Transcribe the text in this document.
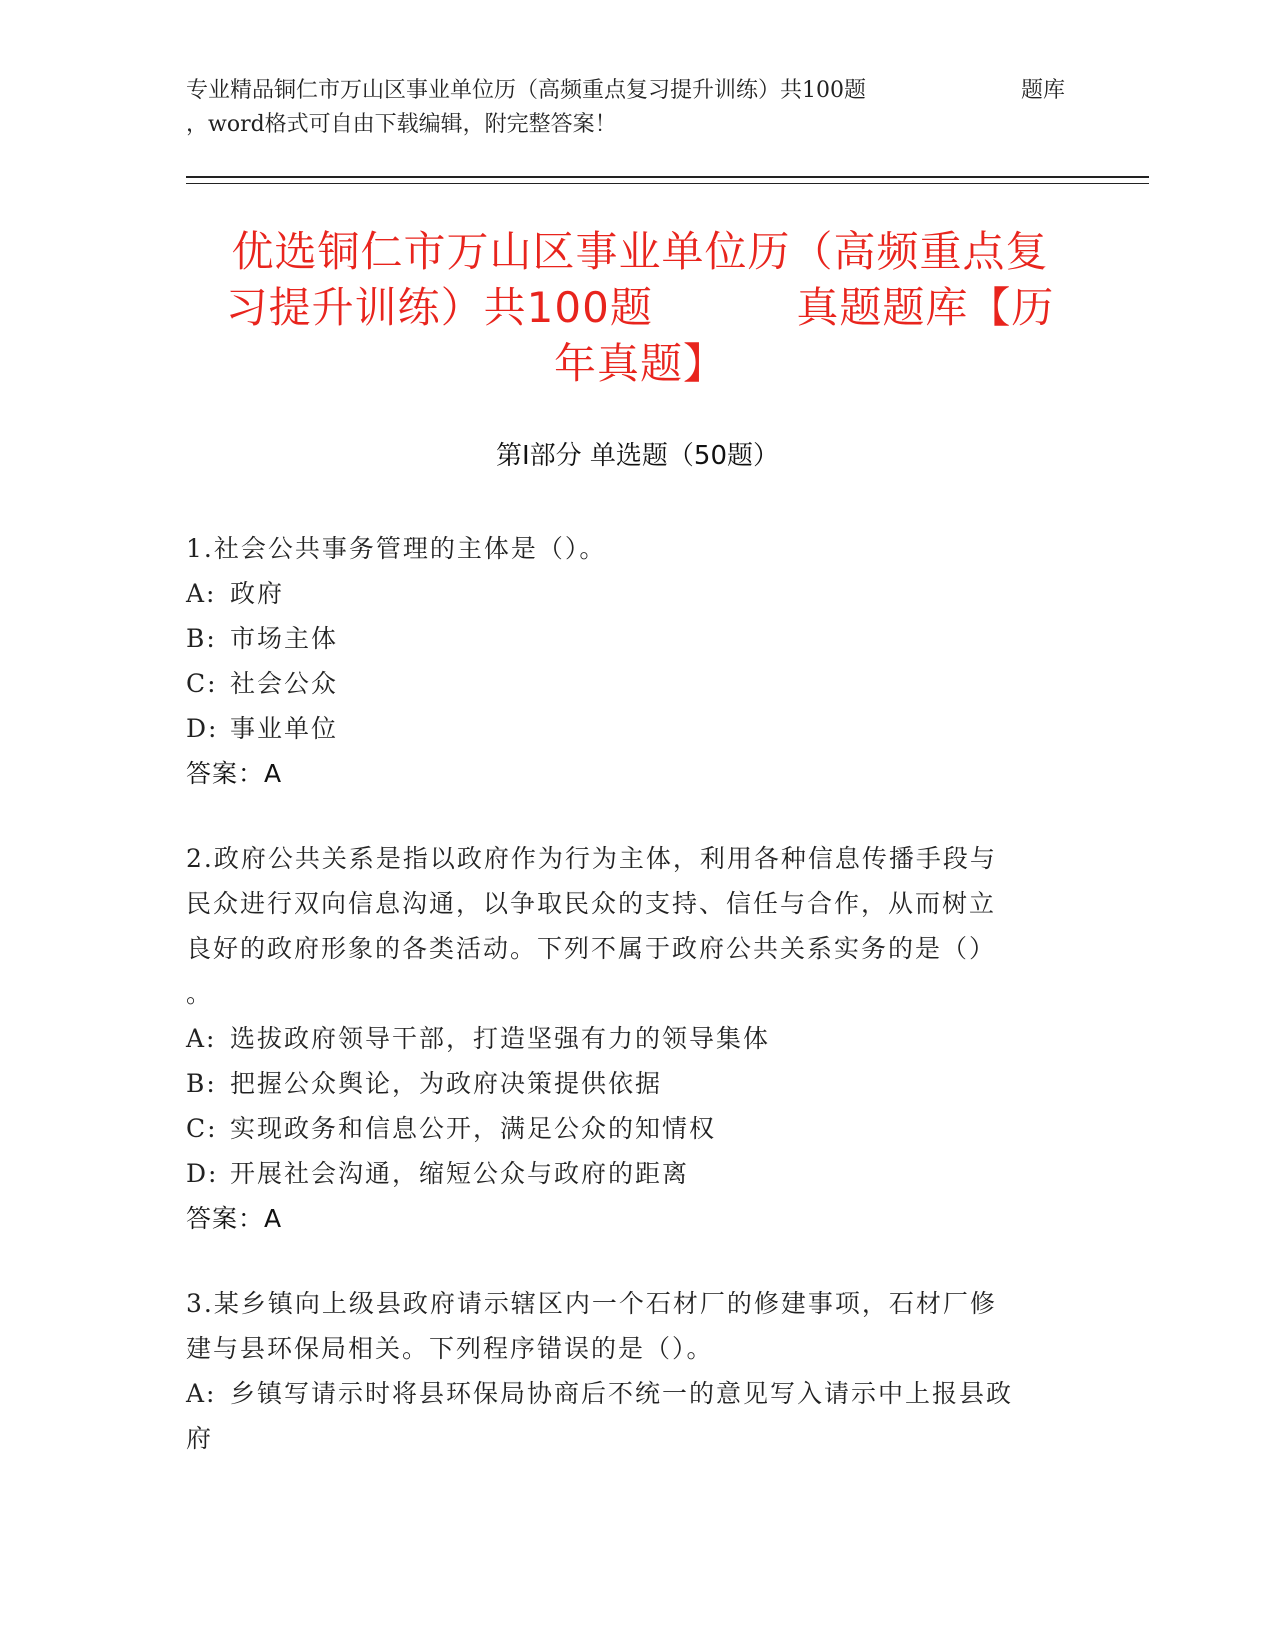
专业精品铜仁市万山区事业单位历（高频重点复习提升训练）共100题	题库
，word格式可自由下载编辑，附完整答案！
优选铜仁市万山区事业单位历（高频重点复
习提升训练）共100题          真题题库【历
年真题】
第Ⅰ部分 单选题（50题）
1.社会公共事务管理的主体是（）。
A: 政府
B: 市场主体
C: 社会公众
D: 事业单位
答案：A
2.政府公共关系是指以政府作为行为主体，利用各种信息传播手段与
民众进行双向信息沟通，以争取民众的支持、信任与合作，从而树立
良好的政府形象的各类活动。下列不属于政府公共关系实务的是（）
。
A: 选拔政府领导干部，打造坚强有力的领导集体
B: 把握公众舆论，为政府决策提供依据
C: 实现政务和信息公开，满足公众的知情权
D: 开展社会沟通，缩短公众与政府的距离
答案：A
3.某乡镇向上级县政府请示辖区内一个石材厂的修建事项，石材厂修
建与县环保局相关。下列程序错误的是（）。
A: 乡镇写请示时将县环保局协商后不统一的意见写入请示中上报县政
府
